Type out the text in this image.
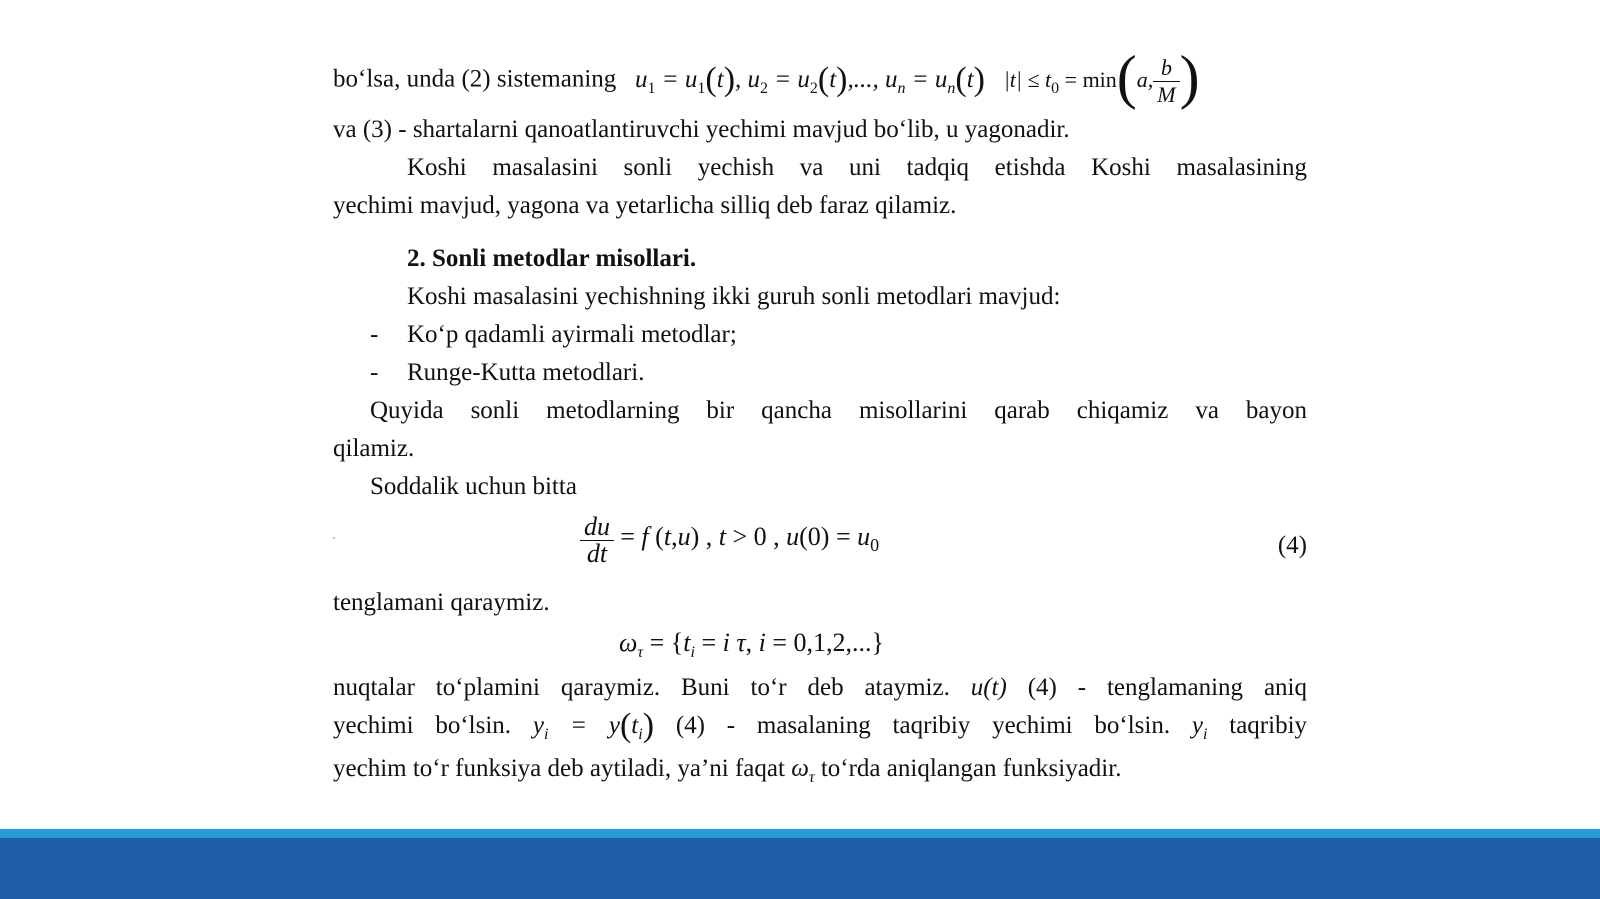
bo‘lsa, unda (2) sistemaning $u_1 = u_1(t)$, $u_2 = u_2(t)$,..., $u_n = u_n(t) |t| \le t_0 = \min(a$, $\frac{b}{M}$ )
va (3) - shartalarni qanoatlantiruvchi yechimi mavjud bo‘lib, u yagonadir.
Koshi masalasini sonli yechish va uni tadqiq etishda Koshi masalasining
yechimi mavjud, yagona va yetarlicha silliq deb faraz qilamiz.
2. Sonli metodlar misollari.
Koshi masalasini yechishning ikki guruh sonli metodlari mavjud:
- Ko‘p qadamli ayirmali metodlar;
- Runge-Kutta metodlari.
Quyida sonli metodlarning bir qancha misollarini qarab chiqamiz va bayon
qilamiz.
Soddalik uchun bitta
$\frac{du}{dt} = f$ (t,u) , t > 0 , $u(0) = u_0$	(4)
tenglamani qaraymiz.
$\omega_\tau = \{t_i = i$ τ, i = 0,1,2,...}
nuqtalar to‘plamini qaraymiz. Buni to‘r deb ataymiz. u(t) (4) - tenglamaning aniq
yechimi bo‘lsin. $y_i = y(t_i)$ (4) - masalaning taqribiy yechimi bo‘lsin. $y_i$ taqribiy
yechim to‘r funksiya deb aytiladi, ya’ni faqat $\omega_\tau$ to‘rda aniqlangan funksiyadir.
